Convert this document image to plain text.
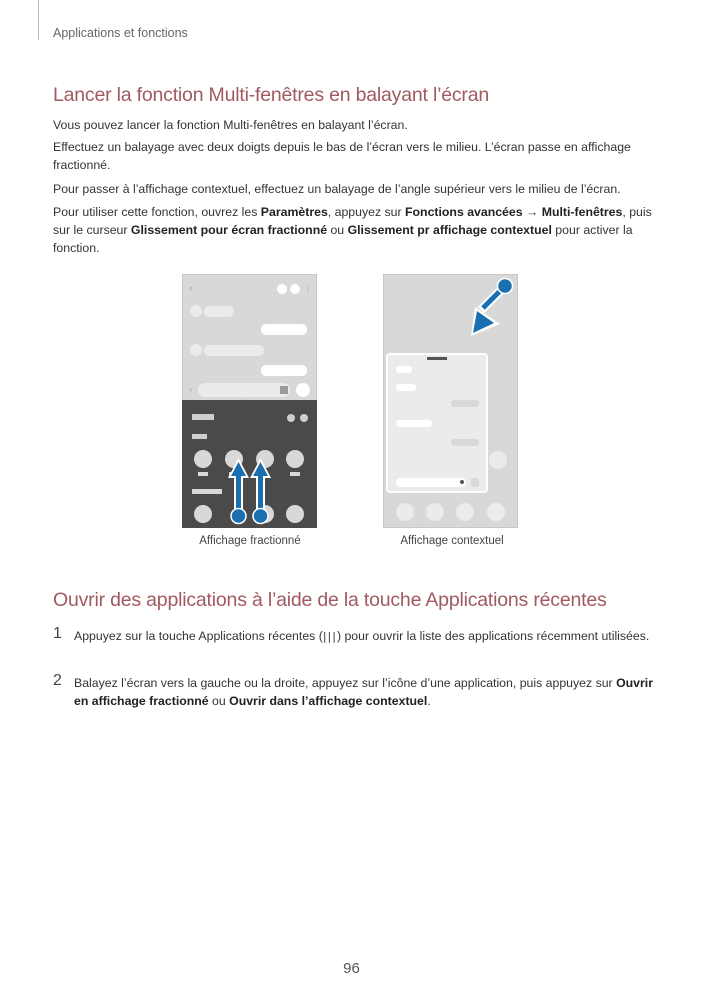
Applications et fonctions
Lancer la fonction Multi-fenêtres en balayant l’écran

Vous pouvez lancer la fonction Multi-fenêtres en balayant l’écran.

Effectuez un balayage avec deux doigts depuis le bas de l’écran vers le milieu. L’écran passe en affichage fractionné.

Pour passer à l’affichage contextuel, effectuez un balayage de l’angle supérieur vers le milieu de l’écran.

Pour utiliser cette fonction, ouvrez les Paramètres, appuyez sur Fonctions avancées → Multi-fenêtres, puis sur le curseur Glissement pour écran fractionné ou Glissement pr affichage contextuel pour activer la fonction.

‹	⋮
›
···
Affichage fractionné	Affichage contextuel
Ouvrir des applications à l’aide de la touche Applications récentes
1 Appuyez sur la touche Applications récentes (|||) pour ouvrir la liste des applications récemment utilisées.
2 Balayez l’écran vers la gauche ou la droite, appuyez sur l’icône d’une application, puis appuyez sur Ouvrir en affichage fractionné ou Ouvrir dans l’affichage contextuel.
96
